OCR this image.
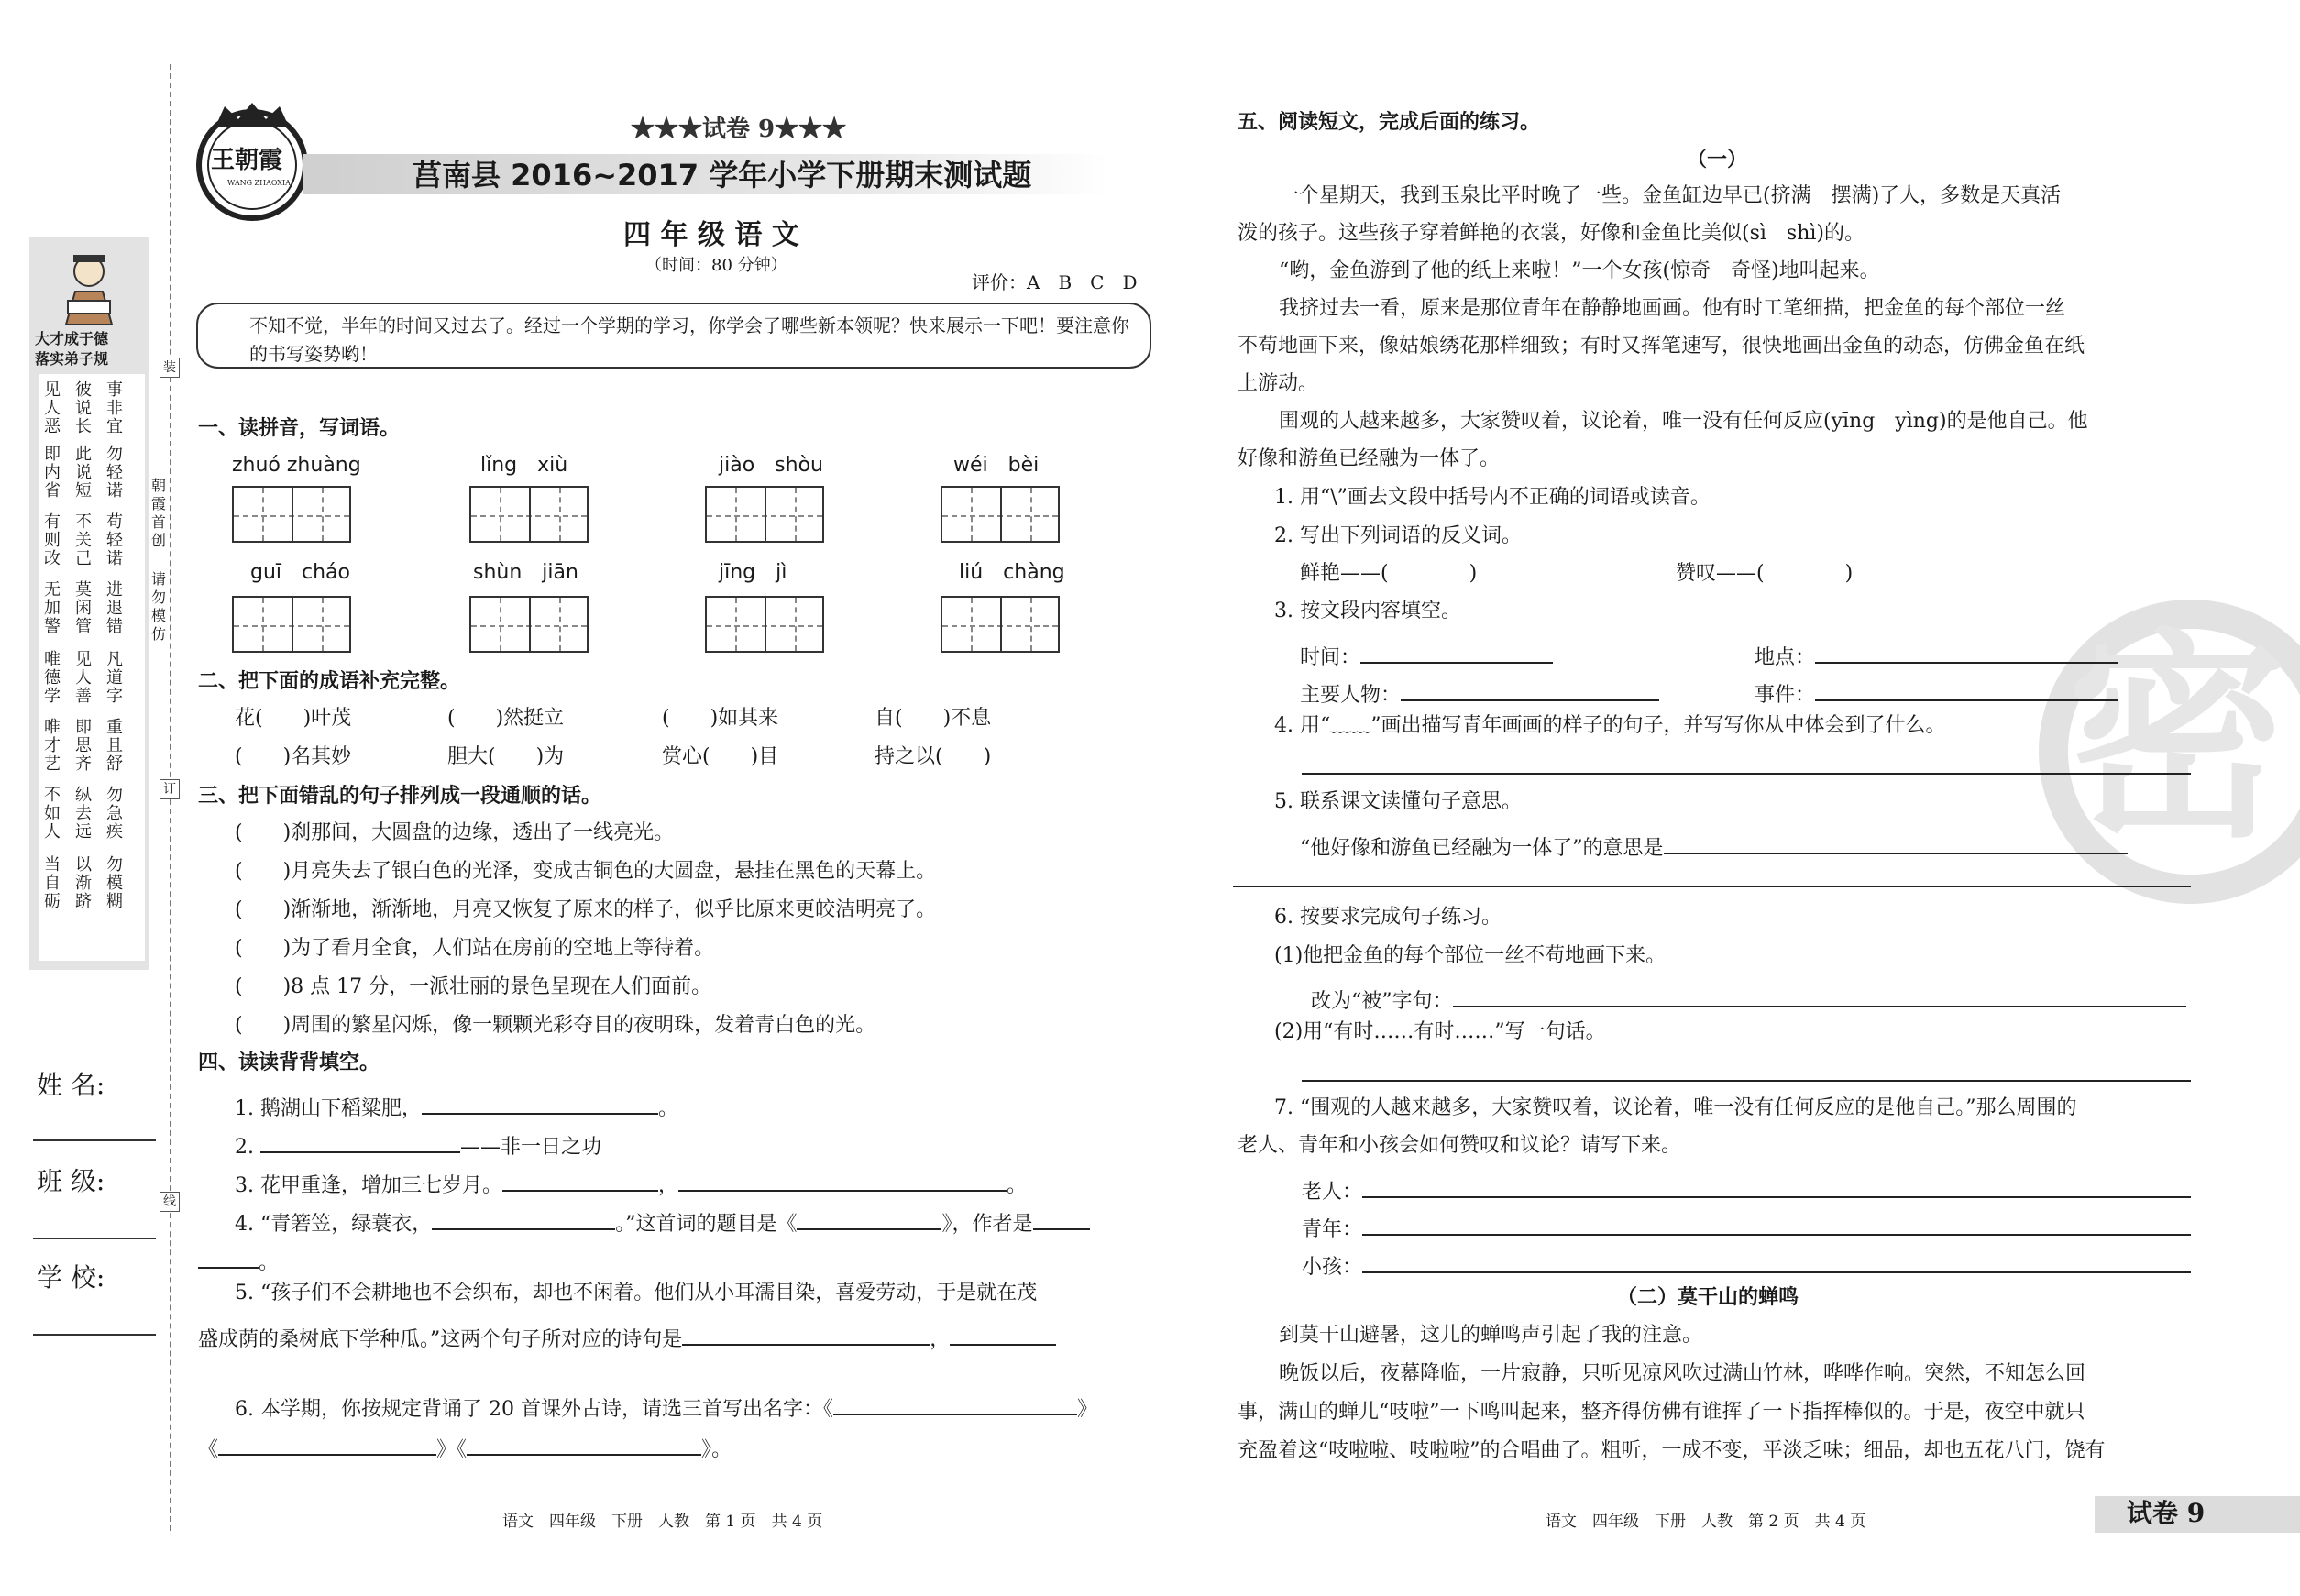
装
订
线
大才成于德
落实弟子规
见人恶
彼说长
事非宜
即内省
此说短
勿轻诺
有则改
不关己
苟轻诺
无加警
莫闲管
进退错
唯德学
见人善
凡道字
唯才艺
即思齐
重且舒
不如人
纵去远
勿急疾
当自砺
以渐跻
勿模糊
朝霞首创
请勿模仿
姓 名:
班 级:
学 校:
王朝霞
WANG ZHAOXIA
★★★试卷 9★★★
莒南县 2016~2017 学年小学下册期末测试题
四 年 级 语 文
（时间：80 分钟）
评价：A　B　C　D
不知不觉，半年的时间又过去了。经过一个学期的学习，你学会了哪些新本领呢？快来展示一下吧！要注意你的书写姿势哟！
一、读拼音，写词语。
zhuó zhuàng	lǐng　xiù	jiào　shòu	wéi　bèi
guī　cháo	shùn　jiān	jīng　jì	liú　chàng
二、把下面的成语补充完整。
花(　　)叶茂	(　　)然挺立	(　　)如其来	自(　　)不息
(　　)名其妙	胆大(　　)为	赏心(　　)目	持之以(　　)
三、把下面错乱的句子排列成一段通顺的话。
(　　)刹那间，大圆盘的边缘，透出了一线亮光。
(　　)月亮失去了银白色的光泽，变成古铜色的大圆盘，悬挂在黑色的天幕上。
(　　)渐渐地，渐渐地，月亮又恢复了原来的样子，似乎比原来更皎洁明亮了。
(　　)为了看月全食，人们站在房前的空地上等待着。
(　　)8 点 17 分，一派壮丽的景色呈现在人们面前。
(　　)周围的繁星闪烁，像一颗颗光彩夺目的夜明珠，发着青白色的光。
四、读读背背填空。
1. 鹅湖山下稻粱肥，	。
2.	——非一日之功
3. 花甲重逢，增加三七岁月。	，	。
4. “青箬笠，绿蓑衣，	。”这首词的题目是《	》，作者是
。
5. “孩子们不会耕地也不会织布，却也不闲着。他们从小耳濡目染，喜爱劳动，于是就在茂
盛成荫的桑树底下学种瓜。”这两个句子所对应的诗句是	，
6. 本学期，你按规定背诵了 20 首课外古诗，请选三首写出名字：《	》
《	》《	》。
语文　四年级　下册　人教　第 1 页　共 4 页
密
五、阅读短文，完成后面的练习。
（一）
一个星期天，我到玉泉比平时晚了一些。金鱼缸边早已(挤满　摆满)了人，多数是天真活
泼的孩子。这些孩子穿着鲜艳的衣裳，好像和金鱼比美似(sì　shì)的。
“哟，金鱼游到了他的纸上来啦！”一个女孩(惊奇　奇怪)地叫起来。
我挤过去一看，原来是那位青年在静静地画画。他有时工笔细描，把金鱼的每个部位一丝
不苟地画下来，像姑娘绣花那样细致；有时又挥笔速写，很快地画出金鱼的动态，仿佛金鱼在纸
上游动。
围观的人越来越多，大家赞叹着，议论着，唯一没有任何反应(yīng　yìng)的是他自己。他
好像和游鱼已经融为一体了。
1. 用“\”画去文段中括号内不正确的词语或读音。
2. 写出下列词语的反义词。
鲜艳——(　　　　)	赞叹——(　　　　)
3. 按文段内容填空。
时间：	地点：
主要人物：	事件：
4. 用“﹏﹏”画出描写青年画画的样子的句子，并写写你从中体会到了什么。
5. 联系课文读懂句子意思。
“他好像和游鱼已经融为一体了”的意思是
6. 按要求完成句子练习。
(1)他把金鱼的每个部位一丝不苟地画下来。
改为“被”字句：
(2)用“有时……有时……”写一句话。
7. “围观的人越来越多，大家赞叹着，议论着，唯一没有任何反应的是他自己。”那么周围的
老人、青年和小孩会如何赞叹和议论？请写下来。
老人：
青年：
小孩：
（二）莫干山的蝉鸣
到莫干山避暑，这儿的蝉鸣声引起了我的注意。
晚饭以后，夜幕降临，一片寂静，只听见凉风吹过满山竹林，哗哗作响。突然，不知怎么回
事，满山的蝉儿“吱啦”一下鸣叫起来，整齐得仿佛有谁挥了一下指挥棒似的。于是，夜空中就只
充盈着这“吱啦啦、吱啦啦”的合唱曲了。粗听，一成不变，平淡乏味；细品，却也五花八门，饶有
语文　四年级　下册　人教　第 2 页　共 4 页	试卷 9
